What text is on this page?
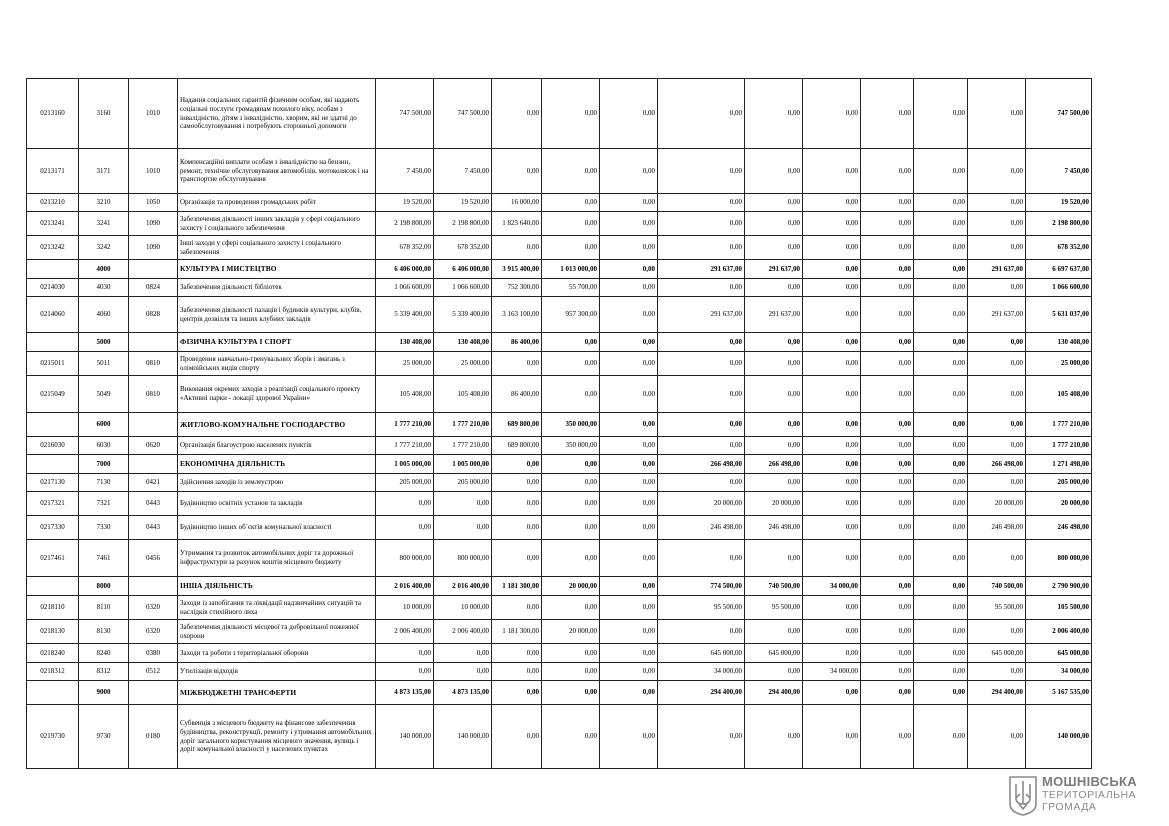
0213160	3160	1010	Надання соціальних гарантій фізичним особам, які надають соціальні послуги громадянам похилого віку, особам з інвалідністю, дітям з інвалідністю, хворим, які не здатні до самообслуговування і потребують сторонньої допомоги	747 500,00	747 500,00	0,00	0,00	0,00	0,00	0,00	0,00	0,00	0,00	0,00	747 500,00
0213171	3171	1010	Компенсаційні виплати особам з інвалідністю на бензин, ремонт, технічне обслуговування автомобілів, мотоколясок і на транспортне обслуговування	7 450,00	7 450,00	0,00	0,00	0,00	0,00	0,00	0,00	0,00	0,00	0,00	7 450,00
0213210	3210	1050	Організація та проведення громадських робіт	19 520,00	19 520,00	16 000,00	0,00	0,00	0,00	0,00	0,00	0,00	0,00	0,00	19 520,00
0213241	3241	1090	Забезпечення діяльності інших закладів у сфері соціального захисту і соціального забезпечення	2 198 800,00	2 198 800,00	1 823 640,00	0,00	0,00	0,00	0,00	0,00	0,00	0,00	0,00	2 198 800,00
0213242	3242	1090	Інші заходи у сфері соціального захисту і соціального забезпечення	678 352,00	678 352,00	0,00	0,00	0,00	0,00	0,00	0,00	0,00	0,00	0,00	678 352,00
	4000		КУЛЬТУРА І МИСТЕЦТВО	6 406 000,00	6 406 000,00	3 915 400,00	1 013 000,00	0,00	291 637,00	291 637,00	0,00	0,00	0,00	291 637,00	6 697 637,00
0214030	4030	0824	Забезпечення діяльності бібліотек	1 066 600,00	1 066 600,00	752 300,00	55 700,00	0,00	0,00	0,00	0,00	0,00	0,00	0,00	1 066 600,00
0214060	4060	0828	Забезпечення діяльності палаців i будинків культури, клубів, центрів дозвілля та iнших клубних закладів	5 339 400,00	5 339 400,00	3 163 100,00	957 300,00	0,00	291 637,00	291 637,00	0,00	0,00	0,00	291 637,00	5 631 037,00
	5000		ФІЗИЧНА КУЛЬТУРА І СПОРТ	130 408,00	130 408,00	86 400,00	0,00	0,00	0,00	0,00	0,00	0,00	0,00	0,00	130 408,00
0215011	5011	0810	Проведення навчально-тренувальних зборів і змагань з олімпійських видів спорту	25 000,00	25 000,00	0,00	0,00	0,00	0,00	0,00	0,00	0,00	0,00	0,00	25 000,00
0215049	5049	0810	Виконання окремих заходів з реалізації соціального проекту «Активні парки - локації здорової України»	105 408,00	105 408,00	86 400,00	0,00	0,00	0,00	0,00	0,00	0,00	0,00	0,00	105 408,00
	6000		ЖИТЛОВО-КОМУНАЛЬНЕ ГОСПОДАРСТВО	1 777 210,00	1 777 210,00	689 800,00	350 000,00	0,00	0,00	0,00	0,00	0,00	0,00	0,00	1 777 210,00
0216030	6030	0620	Організація благоустрою населених пунктів	1 777 210,00	1 777 210,00	689 800,00	350 000,00	0,00	0,00	0,00	0,00	0,00	0,00	0,00	1 777 210,00
	7000		ЕКОНОМІЧНА ДІЯЛЬНІСТЬ	1 005 000,00	1 005 000,00	0,00	0,00	0,00	266 498,00	266 498,00	0,00	0,00	0,00	266 498,00	1 271 498,00
0217130	7130	0421	Здійснення заходів із землеустрою	205 000,00	205 000,00	0,00	0,00	0,00	0,00	0,00	0,00	0,00	0,00	0,00	205 000,00
0217321	7321	0443	Будівництво освітніх установ та закладів	0,00	0,00	0,00	0,00	0,00	20 000,00	20 000,00	0,00	0,00	0,00	20 000,00	20 000,00
0217330	7330	0443	Будівництво інших об`єктів комунальної власності	0,00	0,00	0,00	0,00	0,00	246 498,00	246 498,00	0,00	0,00	0,00	246 498,00	246 498,00
0217461	7461	0456	Утримання та розвиток автомобільних доріг та дорожньої інфраструктури за рахунок коштів місцевого бюджету	800 000,00	800 000,00	0,00	0,00	0,00	0,00	0,00	0,00	0,00	0,00	0,00	800 000,00
	8000		ІНША ДІЯЛЬНІСТЬ	2 016 400,00	2 016 400,00	1 181 300,00	20 000,00	0,00	774 500,00	740 500,00	34 000,00	0,00	0,00	740 500,00	2 790 900,00
0218110	8110	0320	Заходи із запобігання та ліквідації надзвичайних ситуацій та наслідків стихійного лиха	10 000,00	10 000,00	0,00	0,00	0,00	95 500,00	95 500,00	0,00	0,00	0,00	95 500,00	105 500,00
0218130	8130	0320	Забезпечення діяльності місцевої та добровільної пожежної охорони	2 006 400,00	2 006 400,00	1 181 300,00	20 000,00	0,00	0,00	0,00	0,00	0,00	0,00	0,00	2 006 400,00
0218240	8240	0380	Заходи та роботи з територіальної оборони	0,00	0,00	0,00	0,00	0,00	645 000,00	645 000,00	0,00	0,00	0,00	645 000,00	645 000,00
0218312	8312	0512	Утилізація відходів	0,00	0,00	0,00	0,00	0,00	34 000,00	0,00	34 000,00	0,00	0,00	0,00	34 000,00
	9000		МІЖБЮДЖЕТНІ ТРАНСФЕРТИ	4 873 135,00	4 873 135,00	0,00	0,00	0,00	294 400,00	294 400,00	0,00	0,00	0,00	294 400,00	5 167 535,00
0219730	9730	0180	Субвенція з місцевого бюджету на фінансове забезпечення будівництва, реконструкції, ремонту і утримання автомобільних доріг загального користування місцевого значення, вулиць і доріг комунальної власності у населених пунктах	140 000,00	140 000,00	0,00	0,00	0,00	0,00	0,00	0,00	0,00	0,00	0,00	140 000,00
МОШНІВСЬКА
ТЕРИТОРІАЛЬНА
ГРОМАДА
